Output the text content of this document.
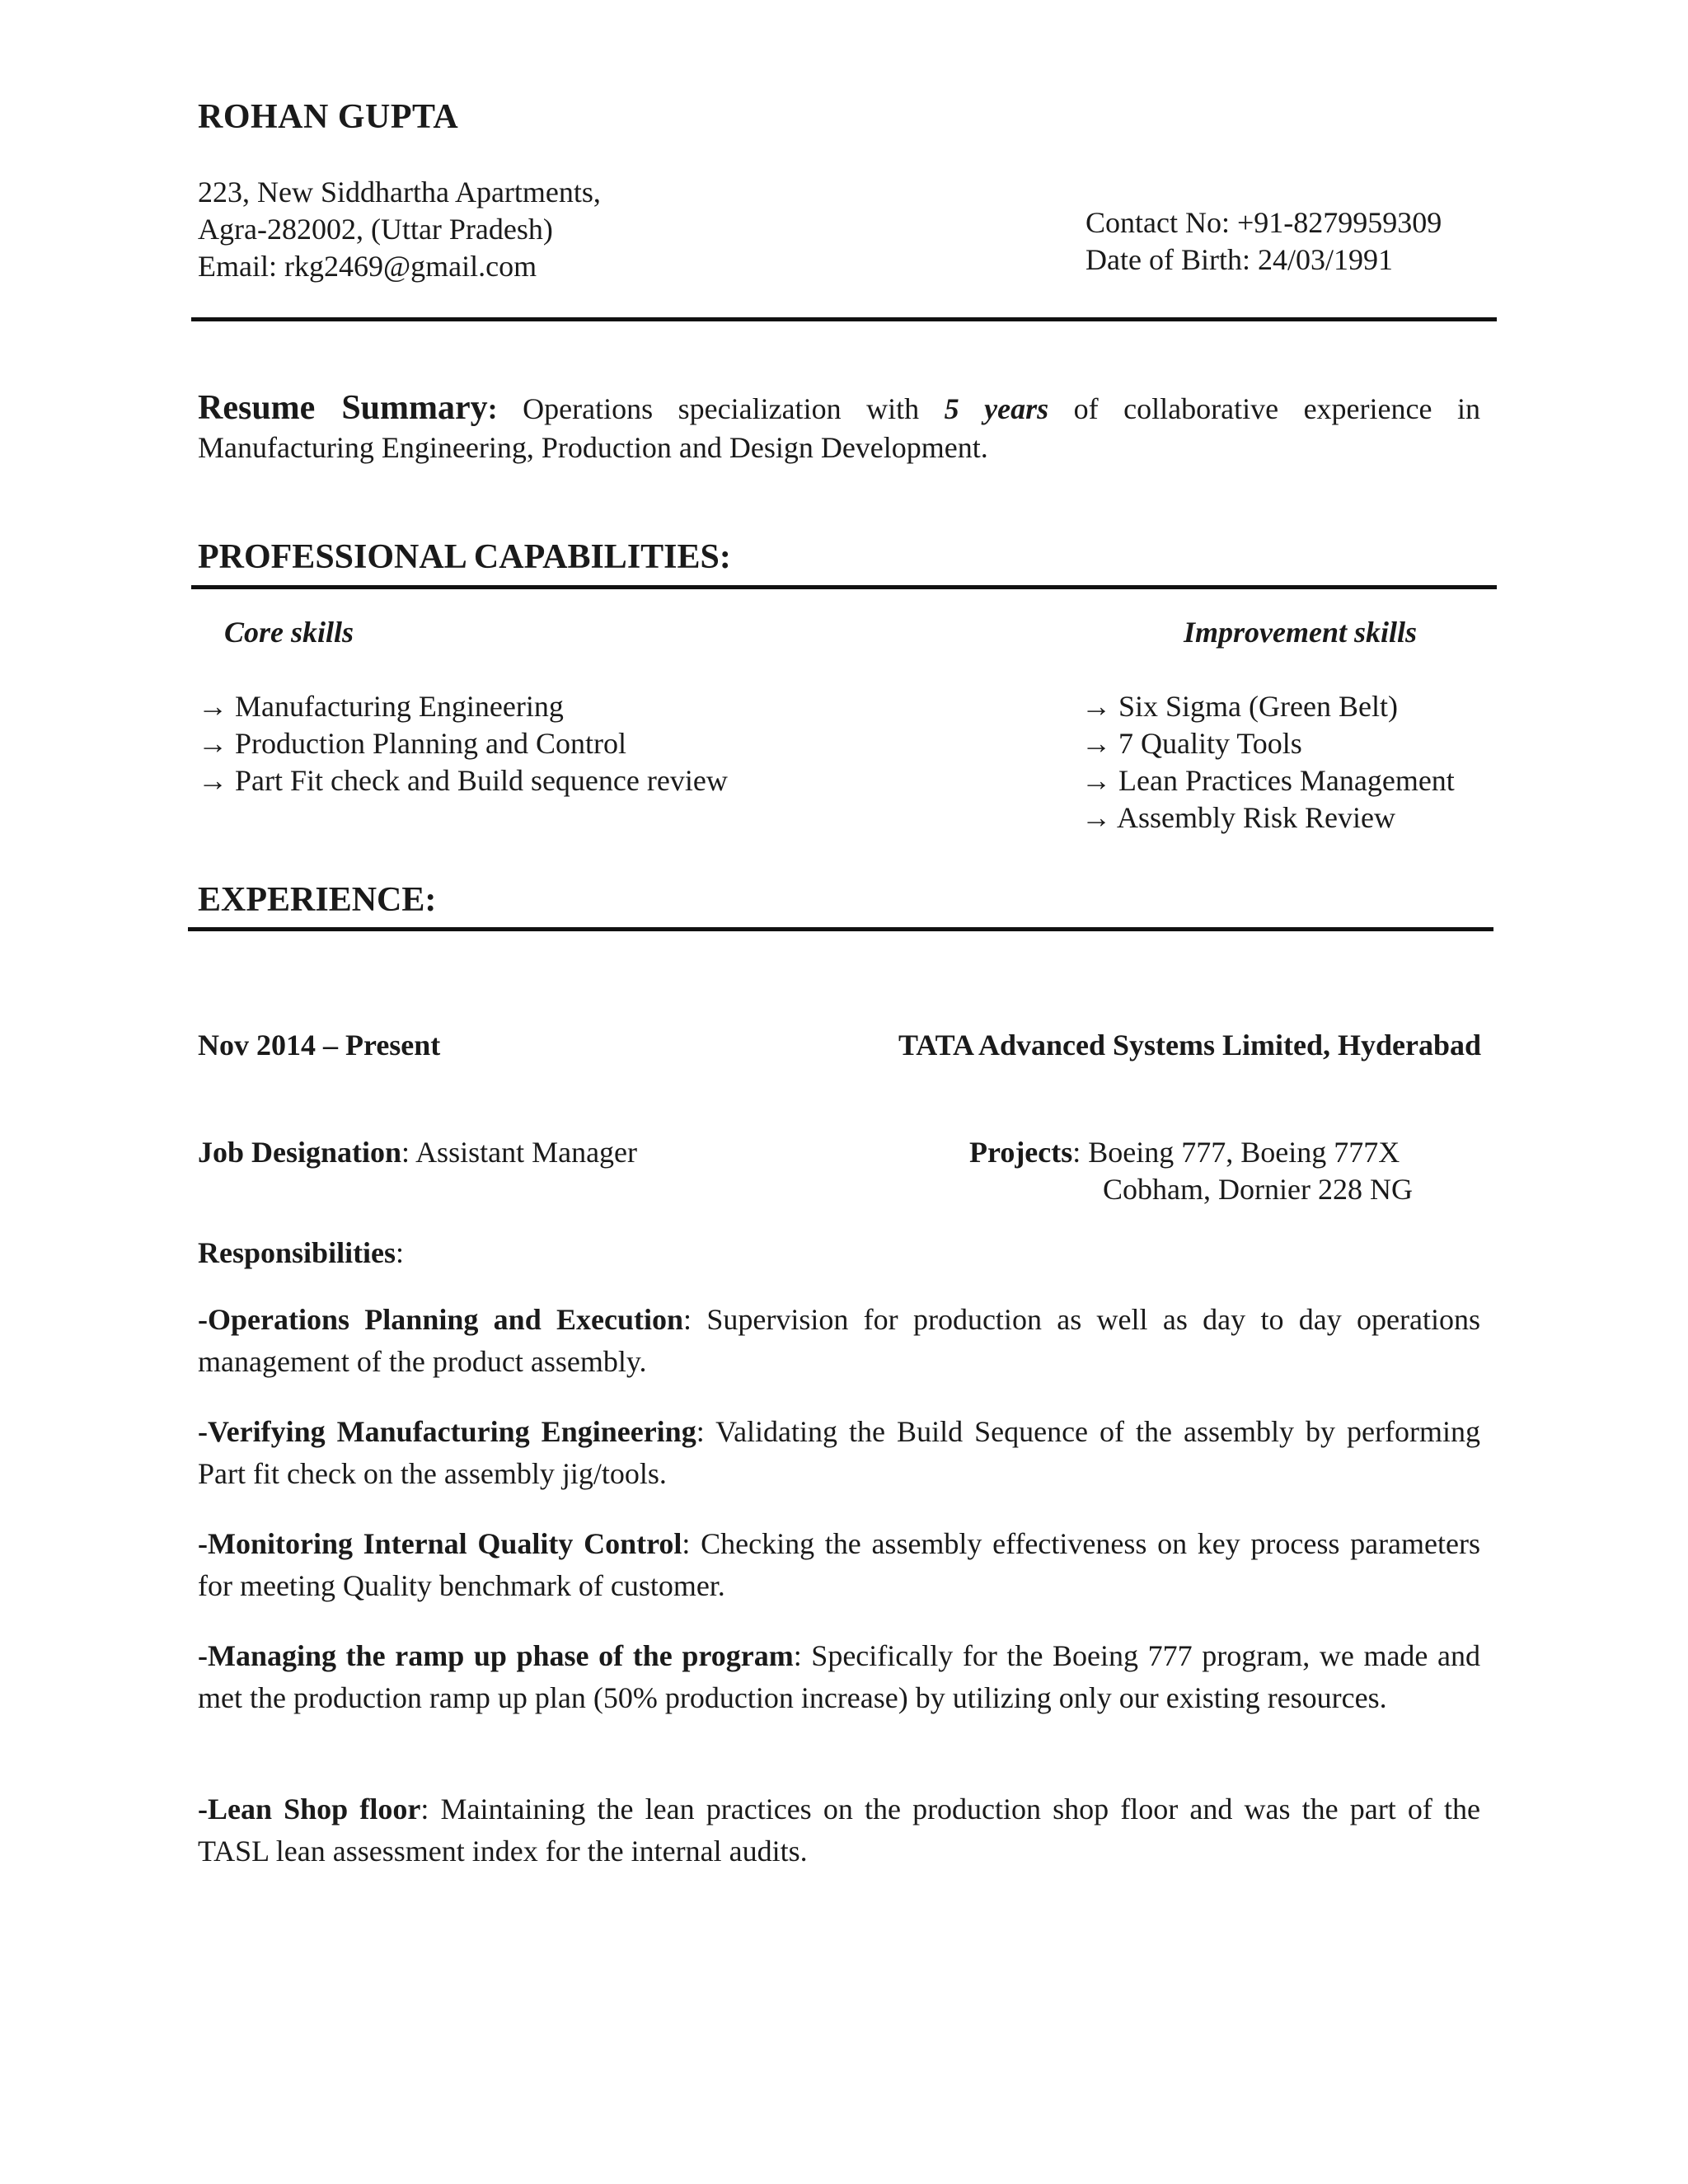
ROHAN GUPTA
223, New Siddhartha Apartments,
Agra-282002, (Uttar Pradesh)
Email: rkg2469@gmail.com
Contact No: +91-8279959309
Date of Birth: 24/03/1991
Resume Summary: Operations specialization with 5 years of collaborative experience in Manufacturing Engineering, Production and Design Development.
PROFESSIONAL CAPABILITIES:
Core skills	Improvement skills
→ Manufacturing Engineering
→ Production Planning and Control
→ Part Fit check and Build sequence review
→ Six Sigma (Green Belt)
→ 7 Quality Tools
→ Lean Practices Management
→ Assembly Risk Review
EXPERIENCE:
Nov 2014 – Present	TATA Advanced Systems Limited, Hyderabad
Job Designation: Assistant Manager	Projects: Boeing 777, Boeing 777X
Cobham, Dornier 228 NG
Responsibilities:
-Operations Planning and Execution: Supervision for production as well as day to day operations management of the product assembly.
-Verifying Manufacturing Engineering: Validating the Build Sequence of the assembly by performing Part fit check on the assembly jig/tools.
-Monitoring Internal Quality Control: Checking the assembly effectiveness on key process parameters for meeting Quality benchmark of customer.
-Managing the ramp up phase of the program: Specifically for the Boeing 777 program, we made and met the production ramp up plan (50% production increase) by utilizing only our existing resources.
-Lean Shop floor: Maintaining the lean practices on the production shop floor and was the part of the TASL lean assessment index for the internal audits.
